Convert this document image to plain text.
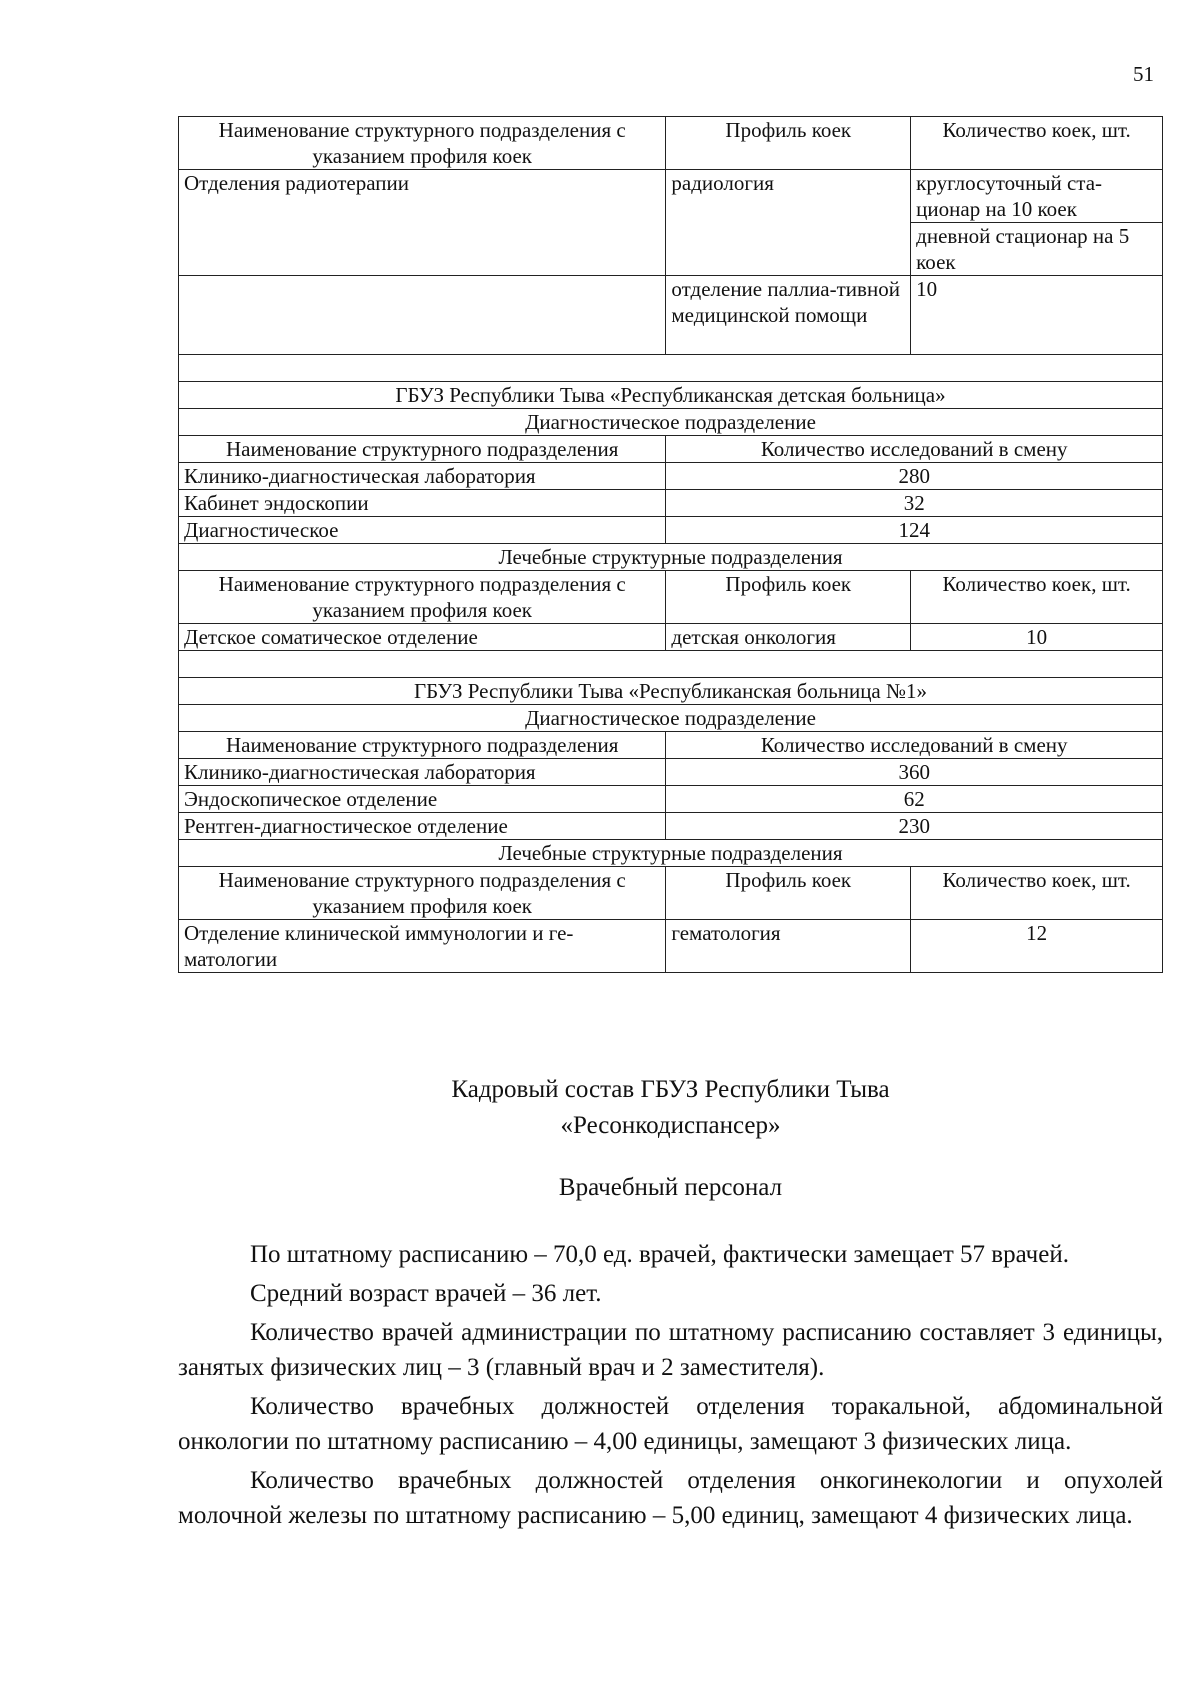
51
Наименование структурного подразделения с указанием профиля коек	Профиль коек	Количество коек, шт.
Отделения радиотерапии	радиология	круглосуточный ста-ционар на 10 коек
		дневной стационар на 5 коек
	отделение паллиа-тивной медицинской помощи	10

ГБУЗ Республики Тыва «Республиканская детская больница»		
Диагностическое подразделение		
Наименование структурного подразделения	Количество исследований в смену	
Клинико-диагностическая лаборатория	280	
Кабинет эндоскопии	32	
Диагностическое	124	
Лечебные структурные подразделения		
Наименование структурного подразделения с указанием профиля коек	Профиль коек	Количество коек, шт.
Детское соматическое отделение	детская онкология	10

ГБУЗ Республики Тыва «Республиканская больница №1»		
Диагностическое подразделение		
Наименование структурного подразделения	Количество исследований в смену	
Клинико-диагностическая лаборатория	360	
Эндоскопическое отделение	62	
Рентген-диагностическое отделение	230	
Лечебные структурные подразделения		
Наименование структурного подразделения с указанием профиля коек	Профиль коек	Количество коек, шт.
Отделение клинической иммунологии и ге-матологии	гематология	12
Кадровый состав ГБУЗ Республики Тыва
«Ресонкодиспансер»
Врачебный персонал

По штатному расписанию – 70,0 ед. врачей, фактически замещает 57 врачей.

Средний возраст врачей – 36 лет.

Количество врачей администрации по штатному расписанию составляет 3 единицы, занятых физических лиц – 3 (главный врач и 2 заместителя).

Количество врачебных должностей отделения торакальной, абдоминальной онкологии по штатному расписанию – 4,00 единицы, замещают 3 физических лица.

Количество врачебных должностей отделения онкогинекологии и опухолей молочной железы по штатному расписанию – 5,00 единиц, замещают 4 физических лица.
